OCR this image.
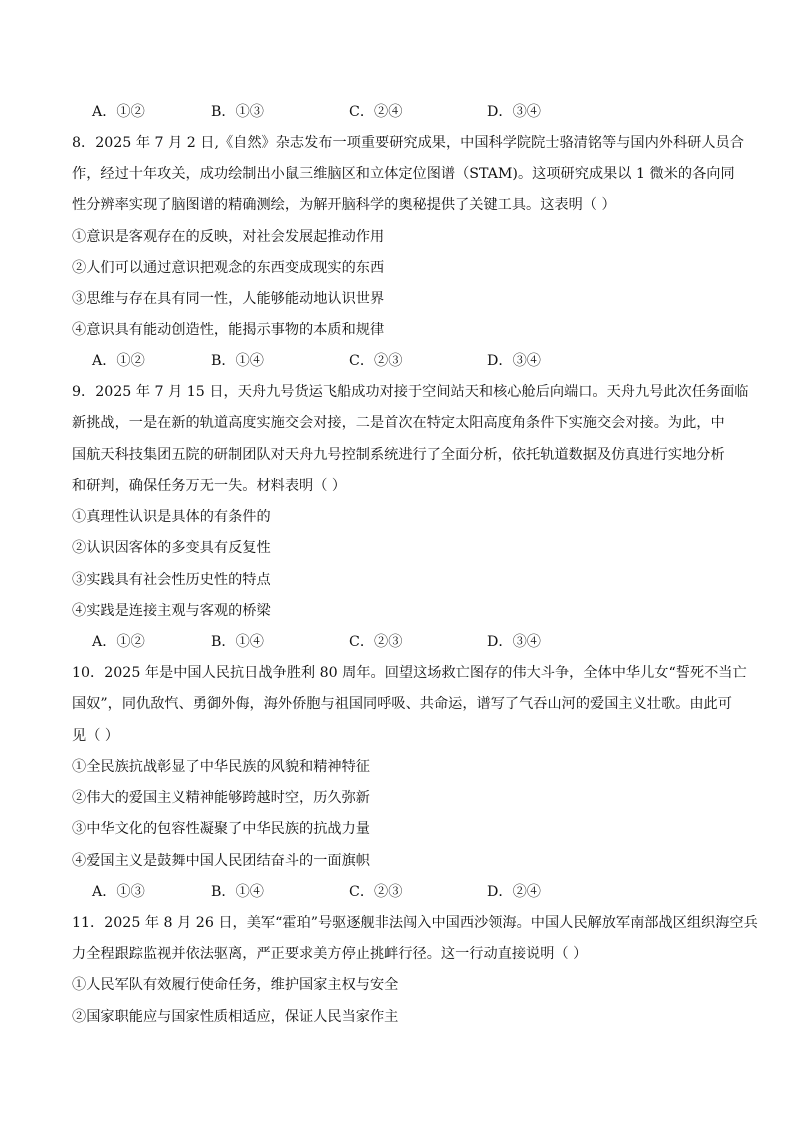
A．①②	B．①③	C．②④	D．③④
8．2025 年 7 月 2 日,《自然》杂志发布一项重要研究成果，中国科学院院士骆清铭等与国内外科研人员合
作，经过十年攻关，成功绘制出小鼠三维脑区和立体定位图谱（STAM)。这项研究成果以 1 微米的各向同
性分辨率实现了脑图谱的精确测绘，为解开脑科学的奥秘提供了关键工具。这表明（ ）
①意识是客观存在的反映，对社会发展起推动作用
②人们可以通过意识把观念的东西变成现实的东西
③思维与存在具有同一性，人能够能动地认识世界
④意识具有能动创造性，能揭示事物的本质和规律
A．①②	B．①④	C．②③	D．③④
9．2025 年 7 月 15 日，天舟九号货运飞船成功对接于空间站天和核心舱后向端口。天舟九号此次任务面临
新挑战，一是在新的轨道高度实施交会对接，二是首次在特定太阳高度角条件下实施交会对接。为此，中
国航天科技集团五院的研制团队对天舟九号控制系统进行了全面分析，依托轨道数据及仿真进行实地分析
和研判，确保任务万无一失。材料表明（ ）
①真理性认识是具体的有条件的
②认识因客体的多变具有反复性
③实践具有社会性历史性的特点
④实践是连接主观与客观的桥梁
A．①②	B．①④	C．②③	D．③④
10．2025 年是中国人民抗日战争胜利 80 周年。回望这场救亡图存的伟大斗争，全体中华儿女“誓死不当亡
国奴”，同仇敌忾、勇御外侮，海外侨胞与祖国同呼吸、共命运，谱写了气吞山河的爱国主义壮歌。由此可
见（ ）
①全民族抗战彰显了中华民族的风貌和精神特征
②伟大的爱国主义精神能够跨越时空，历久弥新
③中华文化的包容性凝聚了中华民族的抗战力量
④爱国主义是鼓舞中国人民团结奋斗的一面旗帜
A．①③	B．①④	C．②③	D．②④
11．2025 年 8 月 26 日，美军“霍珀”号驱逐舰非法闯入中国西沙领海。中国人民解放军南部战区组织海空兵
力全程跟踪监视并依法驱离，严正要求美方停止挑衅行径。这一行动直接说明（ ）
①人民军队有效履行使命任务，维护国家主权与安全
②国家职能应与国家性质相适应，保证人民当家作主
